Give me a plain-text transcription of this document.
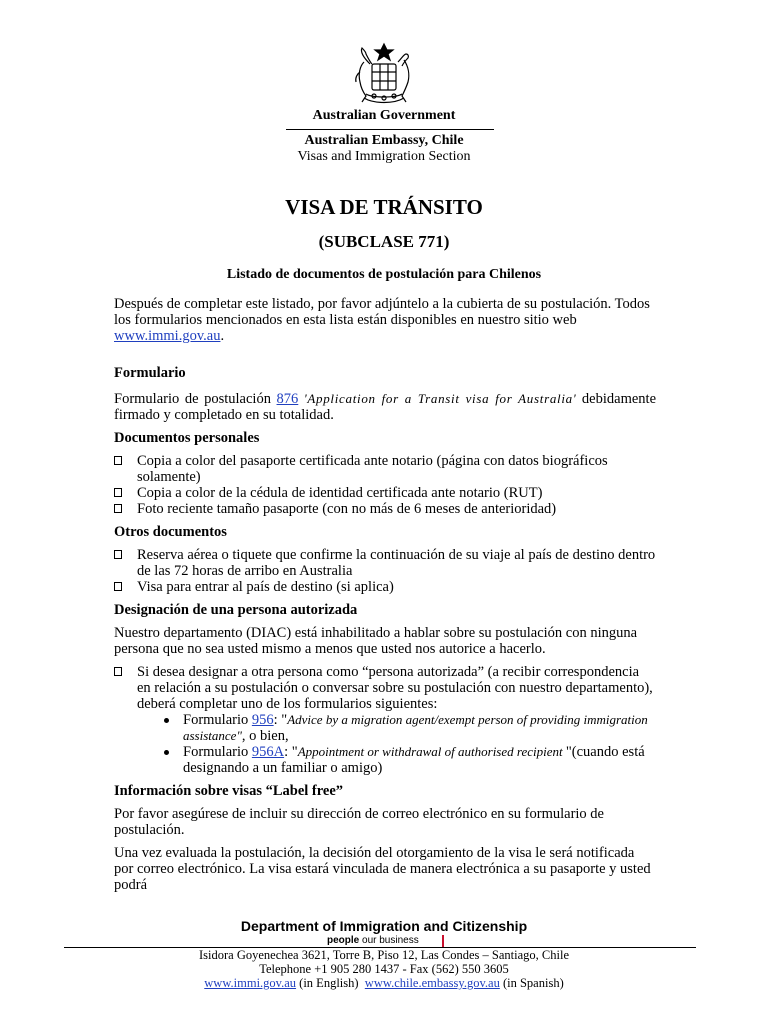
Australian Government
Australian Embassy, Chile
Visas and Immigration Section
VISA DE TRÁNSITO
(SUBCLASE 771)
Listado de documentos de postulación para Chilenos

Después de completar este listado, por favor adjúntelo a la cubierta de su postulación. Todos los formularios mencionados en esta lista están disponibles en nuestro sitio web www.immi.gov.au.

Formulario

Formulario de postulación 876 'Application for a Transit visa for Australia' debidamente firmado y completado en su totalidad.

Documentos personales

Copia a color del pasaporte certificada ante notario (página con datos biográficos solamente)
Copia a color de la cédula de identidad certificada ante notario (RUT)
Foto reciente tamaño pasaporte (con no más de 6 meses de anterioridad)

Otros documentos

Reserva aérea o tiquete que confirme la continuación de su viaje al país de destino dentro de las 72 horas de arribo en Australia
Visa para entrar al país de destino (si aplica)

Designación de una persona autorizada

Nuestro departamento (DIAC) está inhabilitado a hablar sobre su postulación con ninguna persona que no sea usted mismo a menos que usted nos autorice a hacerlo.

Si desea designar a otra persona como “persona autorizada” (a recibir correspondencia en relación a su postulación o conversar sobre su postulación con nuestro departamento), deberá completar uno de los formularios siguientes:
Formulario 956: "Advice by a migration agent/exempt person of providing immigration assistance", o bien,
Formulario 956A: "Appointment or withdrawal of authorised recipient "(cuando está designando a un familiar o amigo)

Información sobre visas “Label free”

Por favor asegúrese de incluir su dirección de correo electrónico en su formulario de postulación.

Una vez evaluada la postulación, la decisión del otorgamiento de la visa le será notificada por correo electrónico. La visa estará vinculada de manera electrónica a su pasaporte y usted podrá

Department of Immigration and Citizenship
people our business
Isidora Goyenechea 3621, Torre B, Piso 12, Las Condes – Santiago, Chile
Telephone +1 905 280 1437 - Fax (562) 550 3605
www.immi.gov.au (in English)  www.chile.embassy.gov.au (in Spanish)
